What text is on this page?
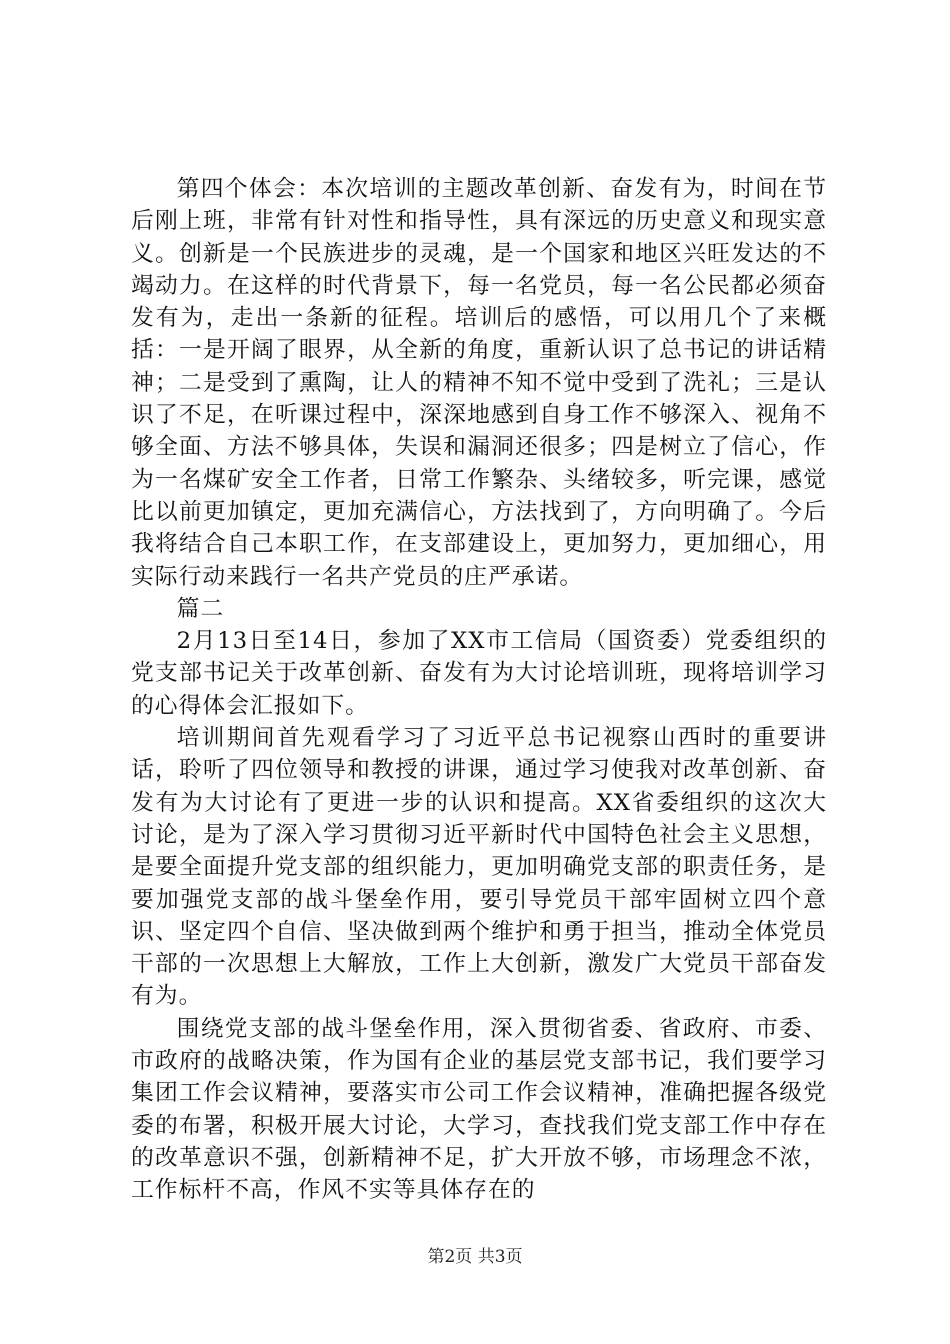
第四个体会：本次培训的主题改革创新、奋发有为，时间在节后刚上班，非常有针对性和指导性，具有深远的历史意义和现实意义。创新是一个民族进步的灵魂，是一个国家和地区兴旺发达的不竭动力。在这样的时代背景下，每一名党员，每一名公民都必须奋发有为，走出一条新的征程。培训后的感悟，可以用几个了来概括：一是开阔了眼界，从全新的角度，重新认识了总书记的讲话精神；二是受到了熏陶，让人的精神不知不觉中受到了洗礼；三是认识了不足，在听课过程中，深深地感到自身工作不够深入、视角不够全面、方法不够具体，失误和漏洞还很多；四是树立了信心，作为一名煤矿安全工作者，日常工作繁杂、头绪较多，听完课，感觉比以前更加镇定，更加充满信心，方法找到了，方向明确了。今后我将结合自己本职工作，在支部建设上，更加努力，更加细心，用实际行动来践行一名共产党员的庄严承诺。

篇二

2月13日至14日，参加了XX市工信局（国资委）党委组织的党支部书记关于改革创新、奋发有为大讨论培训班，现将培训学习的心得体会汇报如下。

培训期间首先观看学习了习近平总书记视察山西时的重要讲话，聆听了四位领导和教授的讲课，通过学习使我对改革创新、奋发有为大讨论有了更进一步的认识和提高。XX省委组织的这次大讨论，是为了深入学习贯彻习近平新时代中国特色社会主义思想，是要全面提升党支部的组织能力，更加明确党支部的职责任务，是要加强党支部的战斗堡垒作用，要引导党员干部牢固树立四个意识、坚定四个自信、坚决做到两个维护和勇于担当，推动全体党员干部的一次思想上大解放，工作上大创新，激发广大党员干部奋发有为。

围绕党支部的战斗堡垒作用，深入贯彻省委、省政府、市委、市政府的战略决策，作为国有企业的基层党支部书记，我们要学习集团工作会议精神，要落实市公司工作会议精神，准确把握各级党委的布署，积极开展大讨论，大学习，查找我们党支部工作中存在的改革意识不强，创新精神不足，扩大开放不够，市场理念不浓，工作标杆不高，作风不实等具体存在的

第2页 共3页
